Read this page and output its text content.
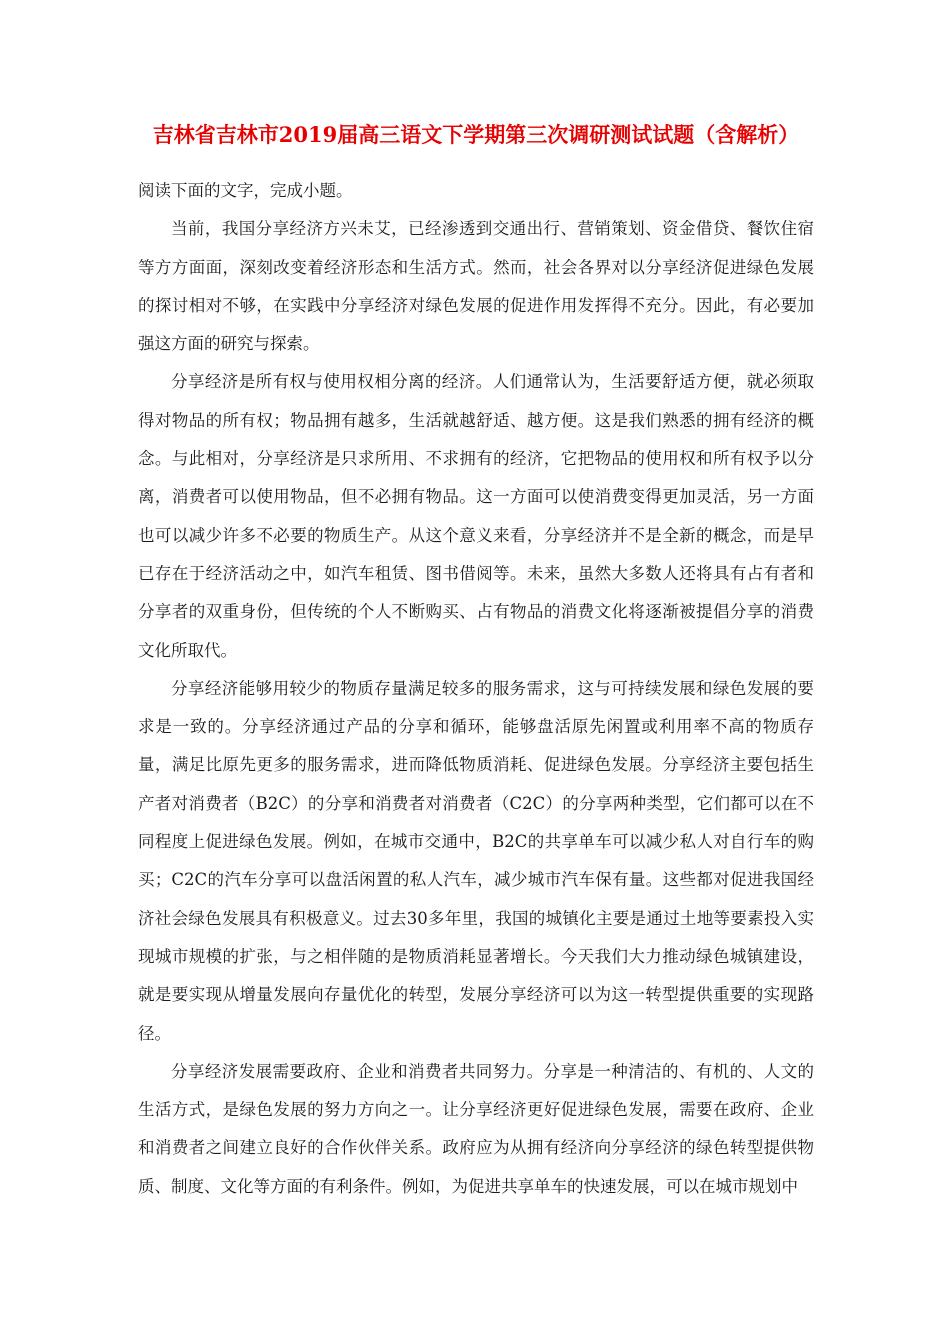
吉林省吉林市2019届高三语文下学期第三次调研测试试题（含解析）

阅读下面的文字，完成小题。

当前，我国分享经济方兴未艾，已经渗透到交通出行、营销策划、资金借贷、餐饮住宿等方方面面，深刻改变着经济形态和生活方式。然而，社会各界对以分享经济促进绿色发展的探讨相对不够，在实践中分享经济对绿色发展的促进作用发挥得不充分。因此，有必要加强这方面的研究与探索。

分享经济是所有权与使用权相分离的经济。人们通常认为，生活要舒适方便，就必须取得对物品的所有权；物品拥有越多，生活就越舒适、越方便。这是我们熟悉的拥有经济的概念。与此相对，分享经济是只求所用、不求拥有的经济，它把物品的使用权和所有权予以分离，消费者可以使用物品，但不必拥有物品。这一方面可以使消费变得更加灵活，另一方面也可以减少许多不必要的物质生产。从这个意义来看，分享经济并不是全新的概念，而是早已存在于经济活动之中，如汽车租赁、图书借阅等。未来，虽然大多数人还将具有占有者和分享者的双重身份，但传统的个人不断购买、占有物品的消费文化将逐渐被提倡分享的消费文化所取代。

分享经济能够用较少的物质存量满足较多的服务需求，这与可持续发展和绿色发展的要求是一致的。分享经济通过产品的分享和循环，能够盘活原先闲置或利用率不高的物质存量，满足比原先更多的服务需求，进而降低物质消耗、促进绿色发展。分享经济主要包括生产者对消费者（B2C）的分享和消费者对消费者（C2C）的分享两种类型，它们都可以在不同程度上促进绿色发展。例如，在城市交通中，B2C的共享单车可以减少私人对自行车的购买；C2C的汽车分享可以盘活闲置的私人汽车，减少城市汽车保有量。这些都对促进我国经济社会绿色发展具有积极意义。过去30多年里，我国的城镇化主要是通过土地等要素投入实现城市规模的扩张，与之相伴随的是物质消耗显著增长。今天我们大力推动绿色城镇建设，就是要实现从增量发展向存量优化的转型，发展分享经济可以为这一转型提供重要的实现路径。

分享经济发展需要政府、企业和消费者共同努力。分享是一种清洁的、有机的、人文的生活方式，是绿色发展的努力方向之一。让分享经济更好促进绿色发展，需要在政府、企业和消费者之间建立良好的合作伙伴关系。政府应为从拥有经济向分享经济的绿色转型提供物质、制度、文化等方面的有利条件。例如，为促进共享单车的快速发展，可以在城市规划中
